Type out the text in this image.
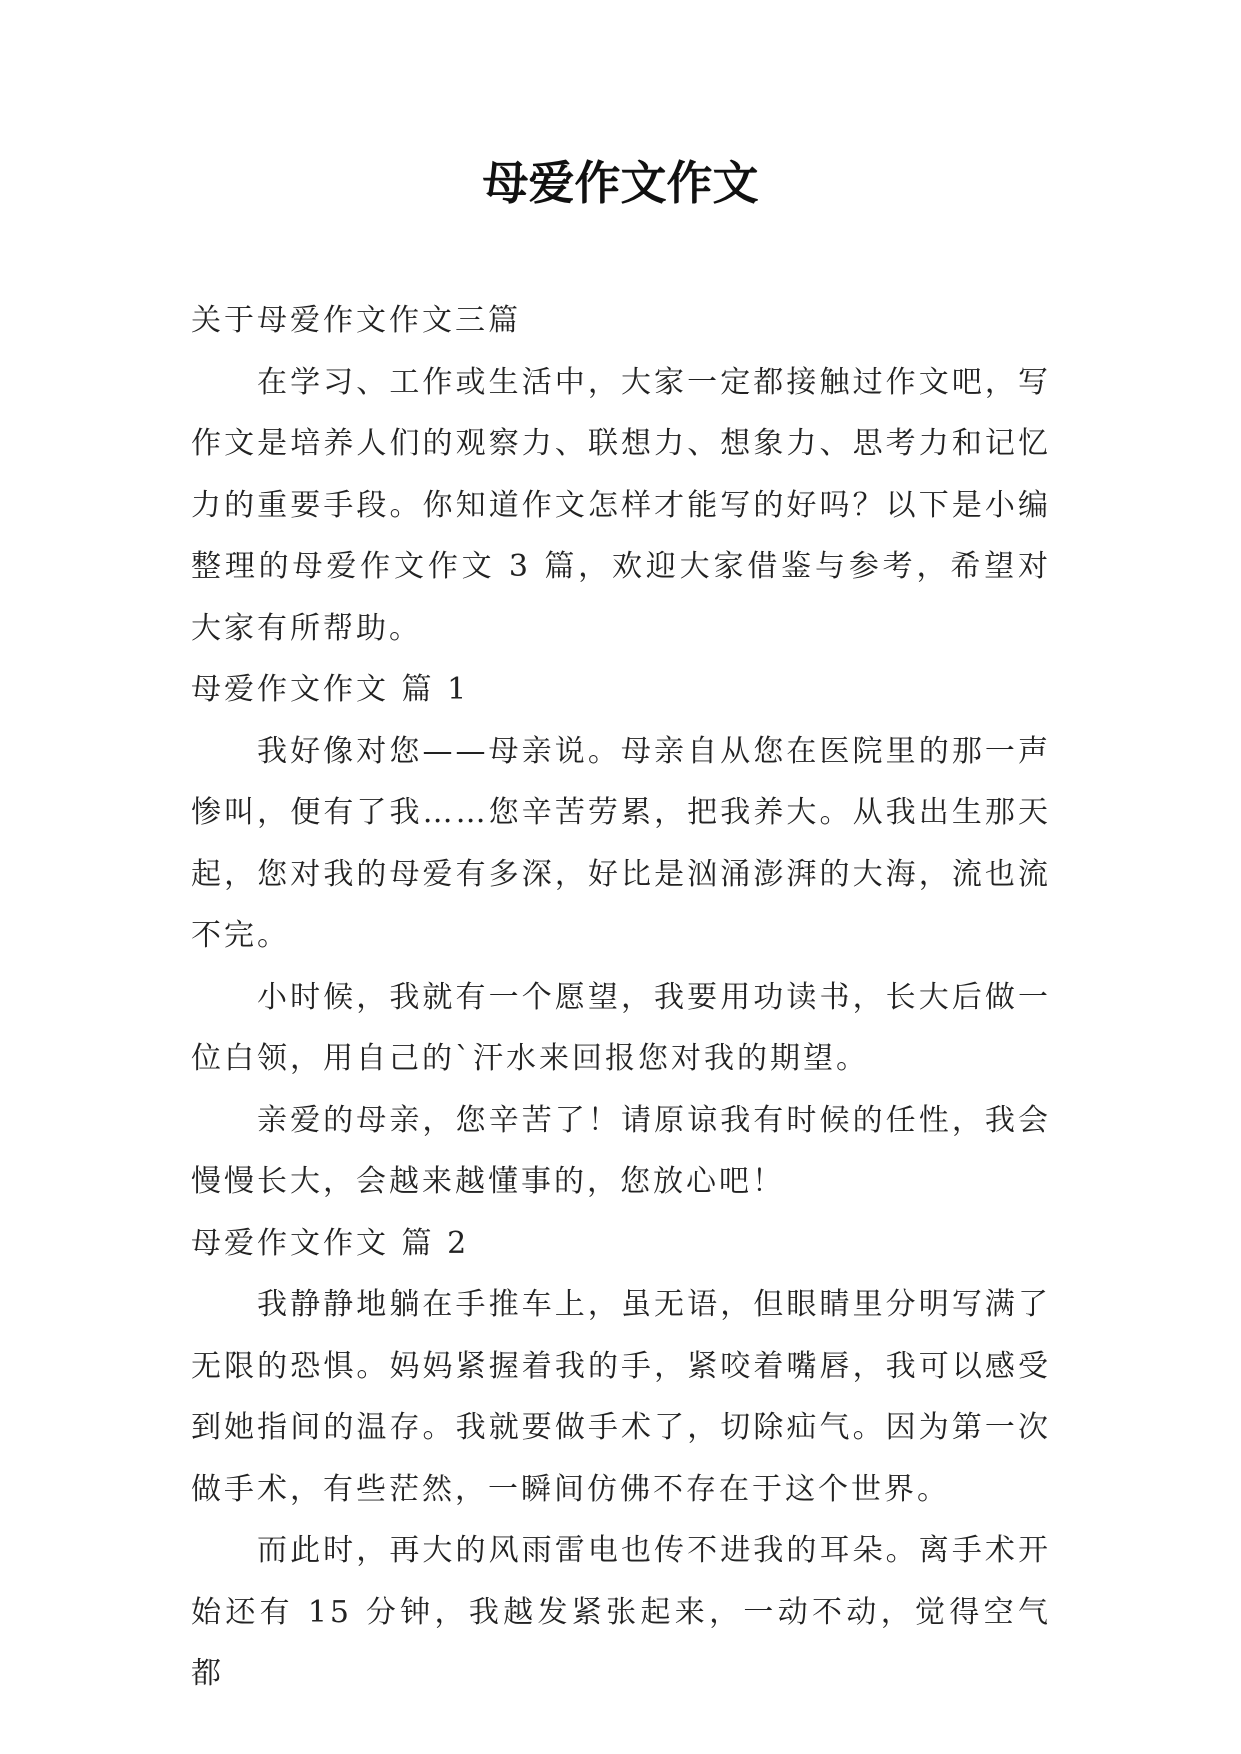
母爱作文作文

关于母爱作文作文三篇

在学习、工作或生活中，大家一定都接触过作文吧，写作文是培养人们的观察力、联想力、想象力、思考力和记忆力的重要手段。你知道作文怎样才能写的好吗？以下是小编整理的母爱作文作文 3 篇，欢迎大家借鉴与参考，希望对大家有所帮助。

母爱作文作文 篇 1

我好像对您——母亲说。母亲自从您在医院里的那一声惨叫，便有了我……您辛苦劳累，把我养大。从我出生那天起，您对我的母爱有多深，好比是汹涌澎湃的大海，流也流不完。

小时候，我就有一个愿望，我要用功读书，长大后做一位白领，用自己的`汗水来回报您对我的期望。

亲爱的母亲，您辛苦了！请原谅我有时候的任性，我会慢慢长大，会越来越懂事的，您放心吧！

母爱作文作文 篇 2

我静静地躺在手推车上，虽无语，但眼睛里分明写满了无限的恐惧。妈妈紧握着我的手，紧咬着嘴唇，我可以感受到她指间的温存。我就要做手术了，切除疝气。因为第一次做手术，有些茫然，一瞬间仿佛不存在于这个世界。

而此时，再大的风雨雷电也传不进我的耳朵。离手术开始还有 15 分钟，我越发紧张起来，一动不动，觉得空气都
